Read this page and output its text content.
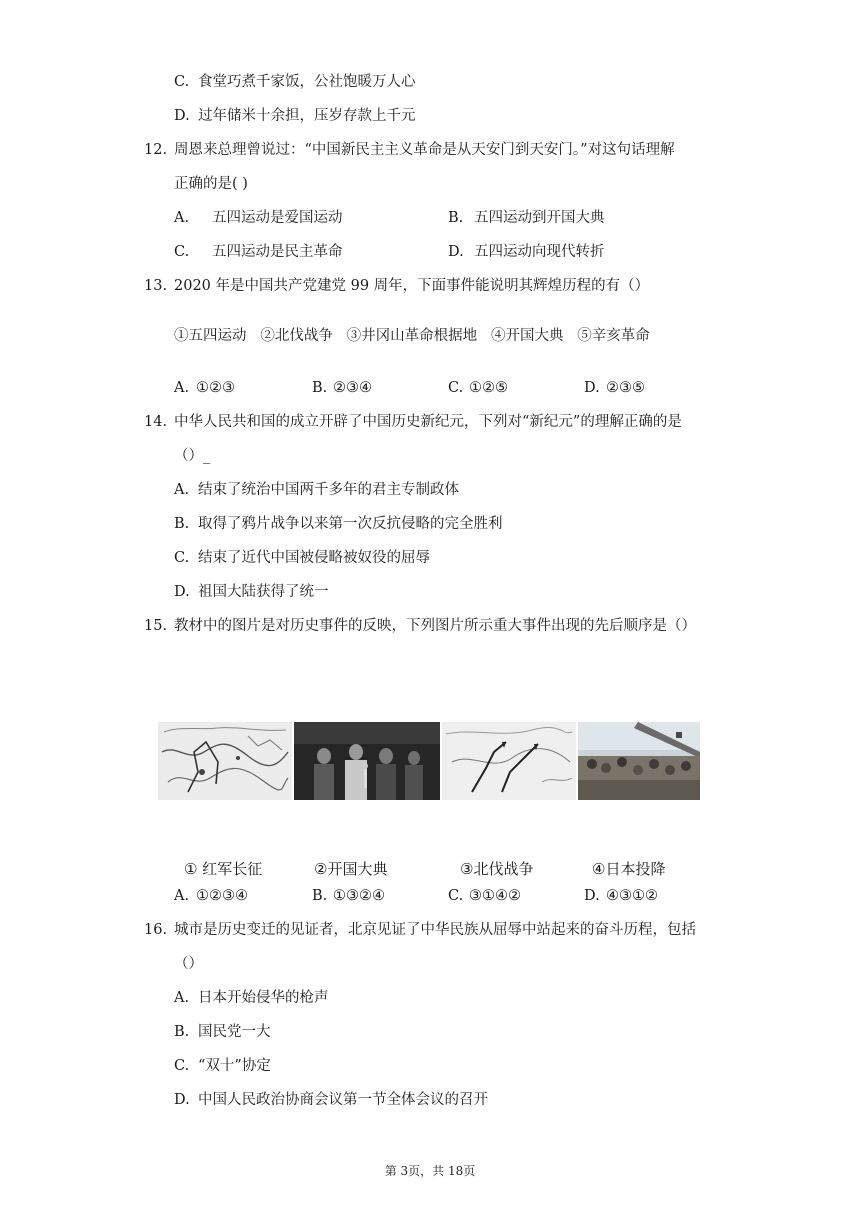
C. 食堂巧煮千家饭，公社饱暖万人心
D. 过年储米十余担，压岁存款上千元
12. 周恩来总理曾说过：“中国新民主主义革命是从天安门到天安门。”对这句话理解
正确的是( )
A. 五四运动是爱国运动	B. 五四运动到开国大典
C. 五四运动是民主革命	D. 五四运动向现代转折
13. 2020 年是中国共产党建党 99 周年，下面事件能说明其辉煌历程的有（）
①五四运动   ②北伐战争   ③井冈山革命根据地   ④开国大典   ⑤辛亥革命
A. ①②③	B. ②③④	C. ①②⑤	D. ②③⑤
14. 中华人民共和国的成立开辟了中国历史新纪元，下列对“新纪元”的理解正确的是
（）_
A. 结束了统治中国两千多年的君主专制政体
B. 取得了鸦片战争以来第一次反抗侵略的完全胜利
C. 结束了近代中国被侵略被奴役的屈辱
D. 祖国大陆获得了统一
15. 教材中的图片是对历史事件的反映，下列图片所示重大事件出现的先后顺序是（）
① 红军长征	②开国大典	③北伐战争	④日本投降
A. ①②③④	B. ①③②④	C. ③①④②	D. ④③①②
16. 城市是历史变迁的见证者，北京见证了中华民族从屈辱中站起来的奋斗历程，包括
（）
A. 日本开始侵华的枪声
B. 国民党一大
C. “双十”协定
D. 中国人民政治协商会议第一节全体会议的召开
第 3页，共 18页
